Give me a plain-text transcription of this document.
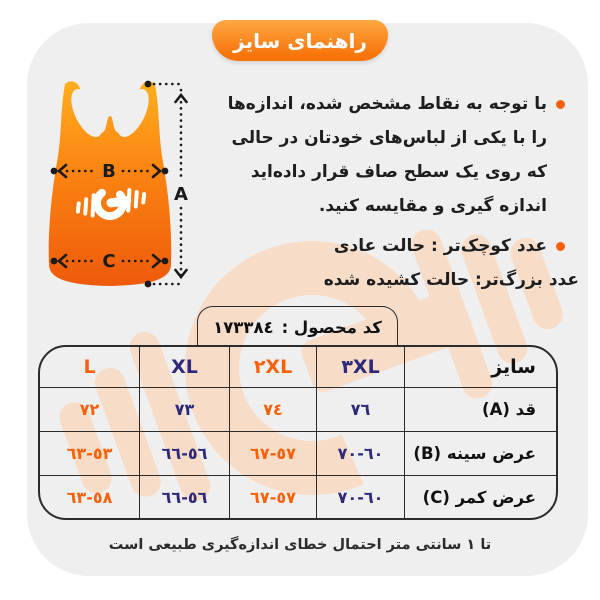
راهنمای سایز
B
C
A
با توجه به نقاط مشخص شده، اندازه‌ها
را با یکی از لباس‌های خودتان در حالی
که روی یک سطح صاف قرار داده‌اید
اندازه گیری و مقایسه کنید.
عدد کوچک‌تر : حالت عادی
عدد بزرگ‌تر: حالت کشیده شده
کد محصول :
١٧٣٣٨٤
سایز
٣XL
٢XL
XL
L
قد (A)
٧٦
٧٤
٧٣
٧٢
عرض سینه (B)
٦٠-٧٠
٥٧-٦٧
٥٦-٦٦
٥٣-٦٣
عرض کمر (C)
٦٠-٧٠
٥٧-٦٧
٥٦-٦٦
٥٨-٦٣
تا ١ سانتی متر احتمال خطای اندازه‌گیری طبیعی است
